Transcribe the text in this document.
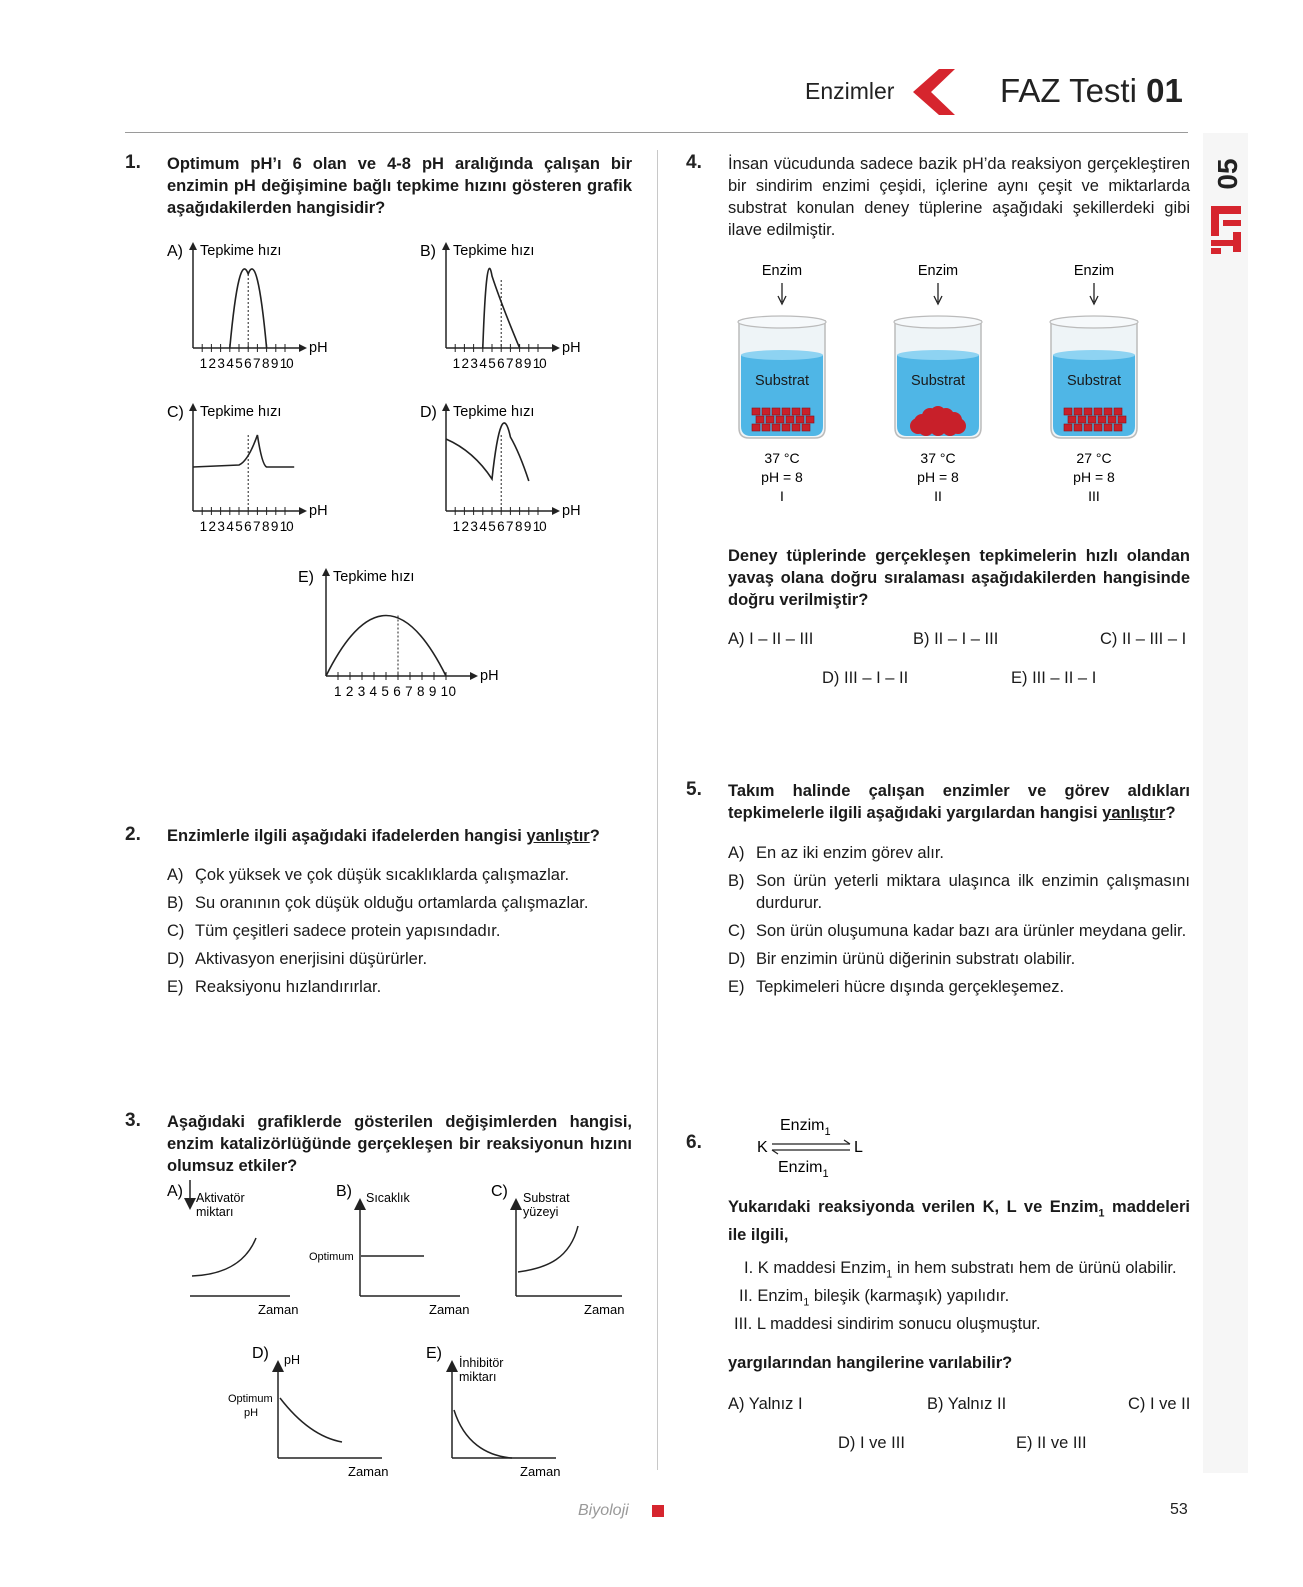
Enzimler	FAZ Testi 01
05
1. Optimum pH’ı 6 olan ve 4-8 pH aralığında çalışan bir enzimin pH değişimine bağlı tepkime hızını gösteren grafik aşağıdakilerden hangisidir?
A) Tepkime hızı
pH
1 2 3 4 5 6 7 8 9 10
B) Tepkime hızı
pH
1 2 3 4 5 6 7 8 9 10
C) Tepkime hızı
pH
1 2 3 4 5 6 7 8 9 10
D) Tepkime hızı
pH
1 2 3 4 5 6 7 8 9 10
E) Tepkime hızı
pH
1 2 3 4 5 6 7 8 9 10
2. Enzimlerle ilgili aşağıdaki ifadelerden hangisi yanlıştır?
A) Çok yüksek ve çok düşük sıcaklıklarda çalışmazlar.
B) Su oranının çok düşük olduğu ortamlarda çalışmazlar.
C) Tüm çeşitleri sadece protein yapısındadır.
D) Aktivasyon enerjisini düşürürler.
E) Reaksiyonu hızlandırırlar.
3. Aşağıdaki grafiklerde gösterilen değişimlerden hangisi, enzim katalizörlüğünde gerçekleşen bir reaksiyonun hızını olumsuz etkiler?
A) Aktivatör
miktarı
Zaman
B) Sıcaklık
Optimum
Zaman
C) Substrat
yüzeyi
Zaman
D) pH
Optimum
pH
Zaman
E)
İnhibitör
miktarı
Zaman
4. İnsan vücudunda sadece bazik pH’da reaksiyon gerçekleştiren bir sindirim enzimi çeşidi, içlerine aynı çeşit ve miktarlarda substrat konulan deney tüplerine aşağıdaki şekillerdeki gibi ilave edilmiştir.
Enzim
Substrat
37 °C
pH = 8
I
Enzim
Substrat
37 °C
pH = 8
II
Enzim
Substrat
27 °C
pH = 8
III
Deney tüplerinde gerçekleşen tepkimelerin hızlı olandan yavaş olana doğru sıralaması aşağıdakilerden hangisinde doğru verilmiştir?
A) I – II – III	B) II – I – III	C) II – III – I
D) III – I – II	E) III – II – I
5. Takım halinde çalışan enzimler ve görev aldıkları tepkimelerle ilgili aşağıdaki yargılardan hangisi yanlıştır?
A) En az iki enzim görev alır.
B) Son ürün yeterli miktara ulaşınca ilk enzimin çalışmasını durdurur.
C) Son ürün oluşumuna kadar bazı ara ürünler meydana gelir.
D) Bir enzimin ürünü diğerinin substratı olabilir.
E) Tepkimeleri hücre dışında gerçekleşemez.
6.
Enzim$_1$
K	L
Enzim$_1$
Yukarıdaki reaksiyonda verilen K, L ve Enzim$_1$ maddeleri ile ilgili,
I. K maddesi Enzim$_1$ in hem substratı hem de ürünü olabilir.
II. Enzim$_1$ bileşik (karmaşık) yapılıdır.
III. L maddesi sindirim sonucu oluşmuştur.
yargılarından hangilerine varılabilir?
A) Yalnız I	B) Yalnız II	C) I ve II
D) I ve III	E) II ve III
Biyoloji	53
